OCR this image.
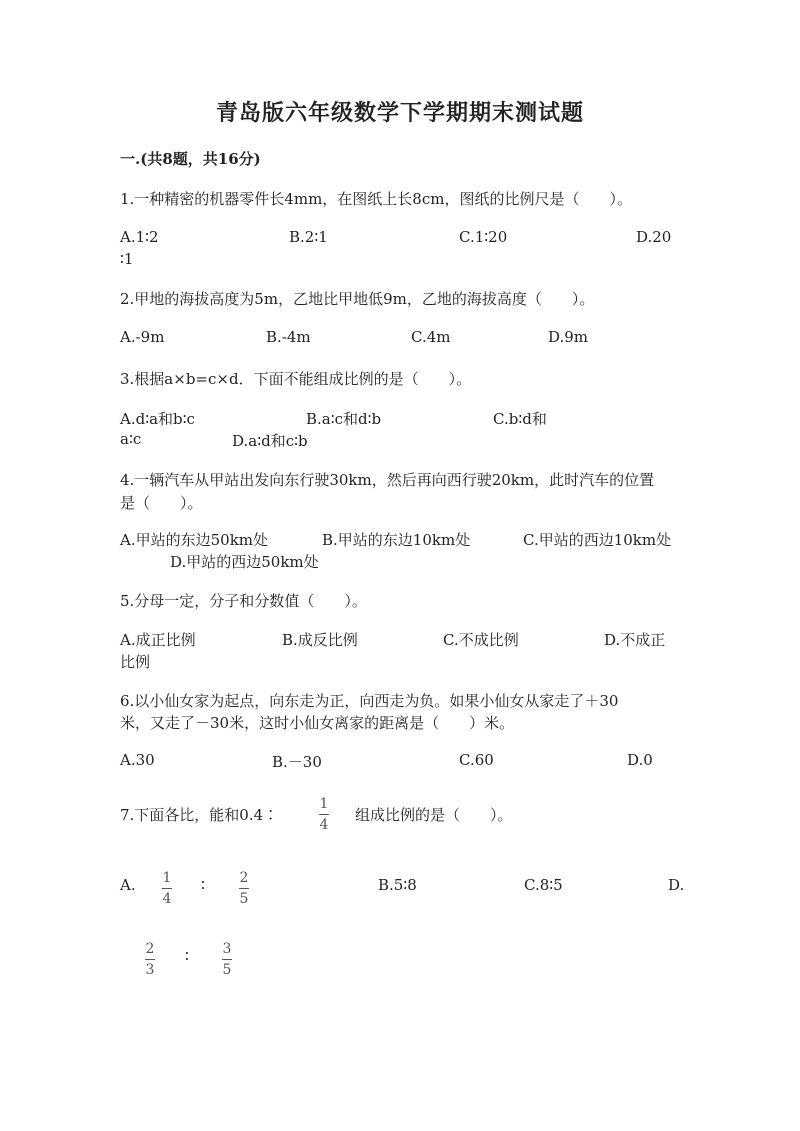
青岛版六年级数学下学期期末测试题
一.(共8题，共16分)
1.一种精密的机器零件长4mm，在图纸上长8cm，图纸的比例尺是（　　）。
A.1∶2	B.2∶1	C.1∶20	D.20
∶1
2.甲地的海拔高度为5m，乙地比甲地低9m，乙地的海拔高度（　　）。
A.-9m	B.-4m	C.4m	D.9m
3.根据a×b=c×d．下面不能组成比例的是（　　）。
A.d∶a和b∶c	B.a∶c和d∶b	C.b∶d和
a∶c	D.a∶d和c∶b
4.一辆汽车从甲站出发向东行驶30km，然后再向西行驶20km，此时汽车的位置
是（　　）。
A.甲站的东边50km处	B.甲站的东边10km处	C.甲站的西边10km处
D.甲站的西边50km处
5.分母一定，分子和分数值（　　）。
A.成正比例	B.成反比例	C.不成比例	D.不成正
比例
6.以小仙女家为起点，向东走为正，向西走为负。如果小仙女从家走了＋30
米，又走了－30米，这时小仙女离家的距离是（　　）米。
A.30	B.－30	C.60	D.0
7.下面各比，能和0.4∶
1
4
组成比例的是（　　）。
A. 1
4
∶ 2
5
B.5∶8	C.8∶5	D.
2
3
∶ 3
5
